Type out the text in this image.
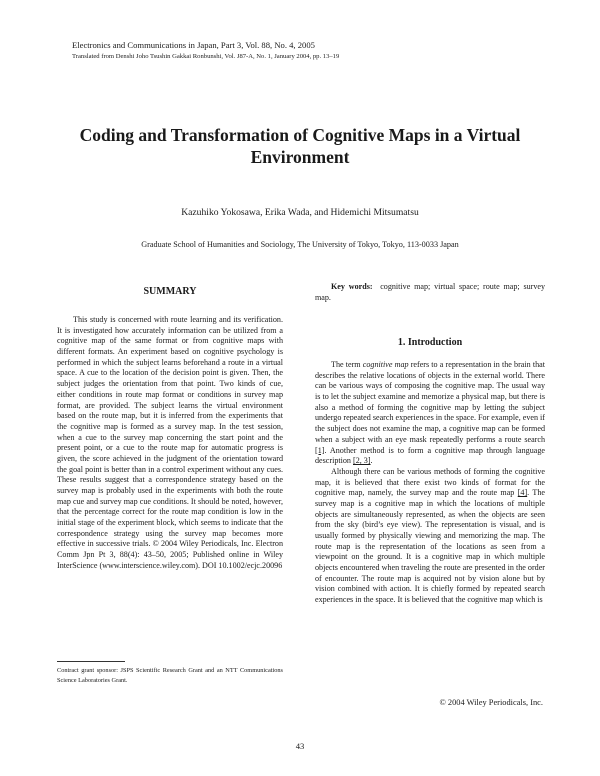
Electronics and Communications in Japan, Part 3, Vol. 88, No. 4, 2005
Translated from Denshi Joho Tsushin Gakkai Ronbunshi, Vol. J87-A, No. 1, January 2004, pp. 13–19
Coding and Transformation of Cognitive Maps in a Virtual Environment
Kazuhiko Yokosawa, Erika Wada, and Hidemichi Mitsumatsu
Graduate School of Humanities and Sociology, The University of Tokyo, Tokyo, 113-0033 Japan
SUMMARY

This study is concerned with route learning and its verification. It is investigated how accurately information can be utilized from a cognitive map of the same format or from cognitive maps with different formats. An experiment based on cognitive psychology is performed in which the subject learns beforehand a route in a virtual space. A cue to the location of the decision point is given. Then, the subject judges the orientation from that point. Two kinds of cue, either conditions in route map format or conditions in survey map format, are provided. The subject learns the virtual environment based on the route map, but it is inferred from the experiments that the cognitive map is formed as a survey map. In the test session, when a cue to the survey map concerning the start point and the present point, or a cue to the route map for automatic progress is given, the score achieved in the judgment of the orientation toward the goal point is better than in a control experiment without any cues. These results suggest that a correspondence strategy based on the survey map is probably used in the experiments with both the route map cue and survey map cue conditions. It should be noted, however, that the percentage correct for the route map condition is low in the initial stage of the experiment block, which seems to indicate that the correspondence strategy using the survey map becomes more effective in successive trials. © 2004 Wiley Periodicals, Inc. Electron Comm Jpn Pt 3, 88(4): 43–50, 2005; Published online in Wiley InterScience (www.interscience.wiley.com). DOI 10.1002/ecjc.20096

Contract grant sponsor: JSPS Scientific Research Grant and an NTT Communications Science Laboratories Grant.

Key words: cognitive map; virtual space; route map; survey map.

1. Introduction

The term cognitive map refers to a representation in the brain that describes the relative locations of objects in the external world. There can be various ways of composing the cognitive map. The usual way is to let the subject examine and memorize a physical map, but there is also a method of forming the cognitive map by letting the subject undergo repeated search experiences in the space. For example, even if the subject does not examine the map, a cognitive map can be formed when a subject with an eye mask repeatedly performs a route search [1]. Another method is to form a cognitive map through language description [2, 3].

Although there can be various methods of forming the cognitive map, it is believed that there exist two kinds of format for the cognitive map, namely, the survey map and the route map [4]. The survey map is a cognitive map in which the locations of multiple objects are simultaneously represented, as when the objects are seen from the sky (bird’s eye view). The representation is visual, and is usually formed by physically viewing and memorizing the map. The route map is the representation of the locations as seen from a viewpoint on the ground. It is a cognitive map in which multiple objects encountered when traveling the route are presented in the order of encounter. The route map is acquired not by vision alone but by vision combined with action. It is chiefly formed by repeated search experiences in the space. It is believed that the cognitive map which is

© 2004 Wiley Periodicals, Inc.
43
